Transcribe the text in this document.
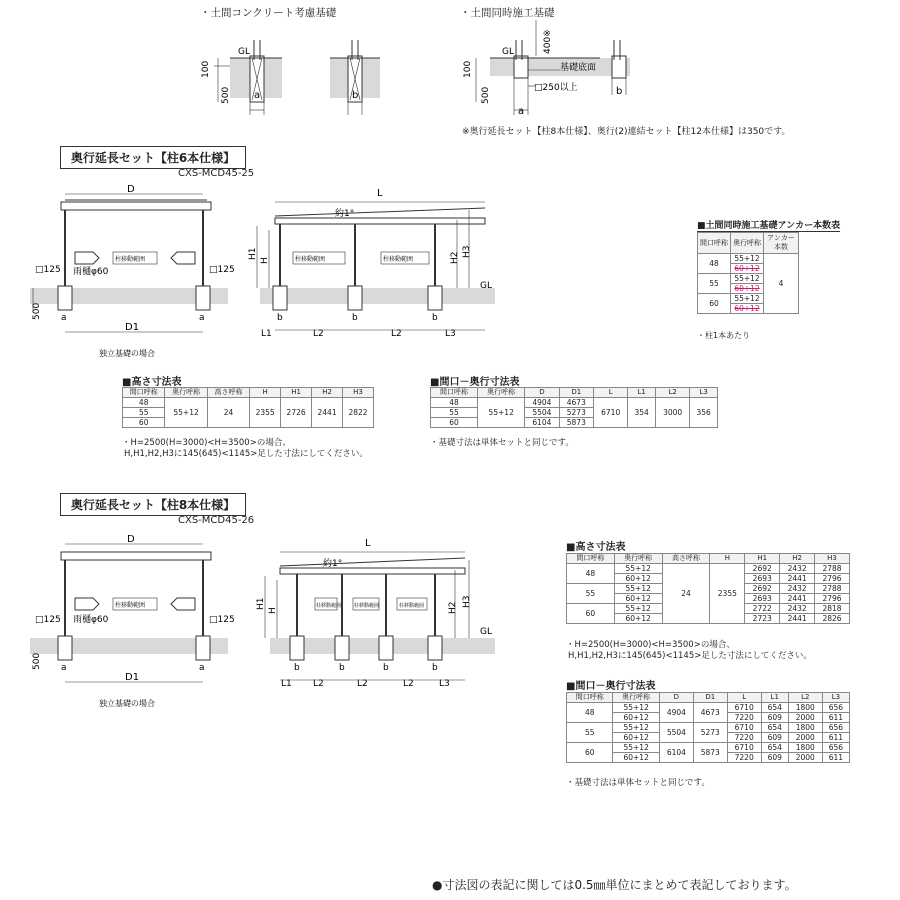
・土間コンクリート考慮基礎	・土間同時施工基礎
GL
100
500 a	b
GL	400※
基礎底面
100
500	□250以上
a
b
※奥行延長セット【柱8本仕様】、奥行(2)連結セット【柱12本仕様】は350です。
奥行延長セット【柱6本仕様】
CXS-MCD45-25
D
D1
柱移動範囲
□125	□125
雨樋φ60
500 a	a
独立基礎の場合
L
約1°
H1
H	H2 H3
GL
柱移動範囲	柱移動範囲
b	b	b
L1	L2	L2	L3
■土間同時施工基礎アンカー本数表
間口呼称	奥行呼称	アンカー本数
48	55+12	4
	60+12	
55	55+12	
	60+12	
60	55+12	
	60+12	
・柱1本あたり
■高さ寸法表
間口呼称	奥行呼称	高さ呼称	H	H1	H2	H3
48	55+12	24	2355	2726	2441	2822
55						
60						
・H=2500(H=3000)<H=3500>の場合、
H,H1,H2,H3に145(645)<1145>足した寸法にしてください。
■間口－奥行寸法表
間口呼称	奥行呼称	D	D1	L	L1	L2	L3
48	55+12	4904	4673	6710	354	3000	356
55		5504	5273				
60		6104	5873				
・基礎寸法は単体セットと同じです。
奥行延長セット【柱8本仕様】
CXS-MCD45-26
D
D1
柱移動範囲
□125	□125
雨樋φ60
500 a	a
独立基礎の場合
L
約1°
H1
H	H2 H3
GL
柱移動範囲	柱移動範囲	柱移動範囲
b	b	b	b
L1 L2	L2	L2	L3
■高さ寸法表
間口呼称	奥行呼称	高さ呼称	H	H1	H2	H3
48	55+12	24	2355	2692	2432	2788
	60+12			2693	2441	2796
55	55+12			2692	2432	2788
	60+12			2693	2441	2796
60	55+12			2722	2432	2818
	60+12			2723	2441	2826
・H=2500(H=3000)<H=3500>の場合、
H,H1,H2,H3に145(645)<1145>足した寸法にしてください。
■間口－奥行寸法表
間口呼称	奥行呼称	D	D1	L	L1	L2	L3
48	55+12	4904	4673	6710	654	1800	656
	60+12			7220	609	2000	611
55	55+12	5504	5273	6710	654	1800	656
	60+12			7220	609	2000	611
60	55+12	6104	5873	6710	654	1800	656
	60+12			7220	609	2000	611
・基礎寸法は単体セットと同じです。
●寸法図の表記に関しては0.5㎜単位にまとめて表記しております。
